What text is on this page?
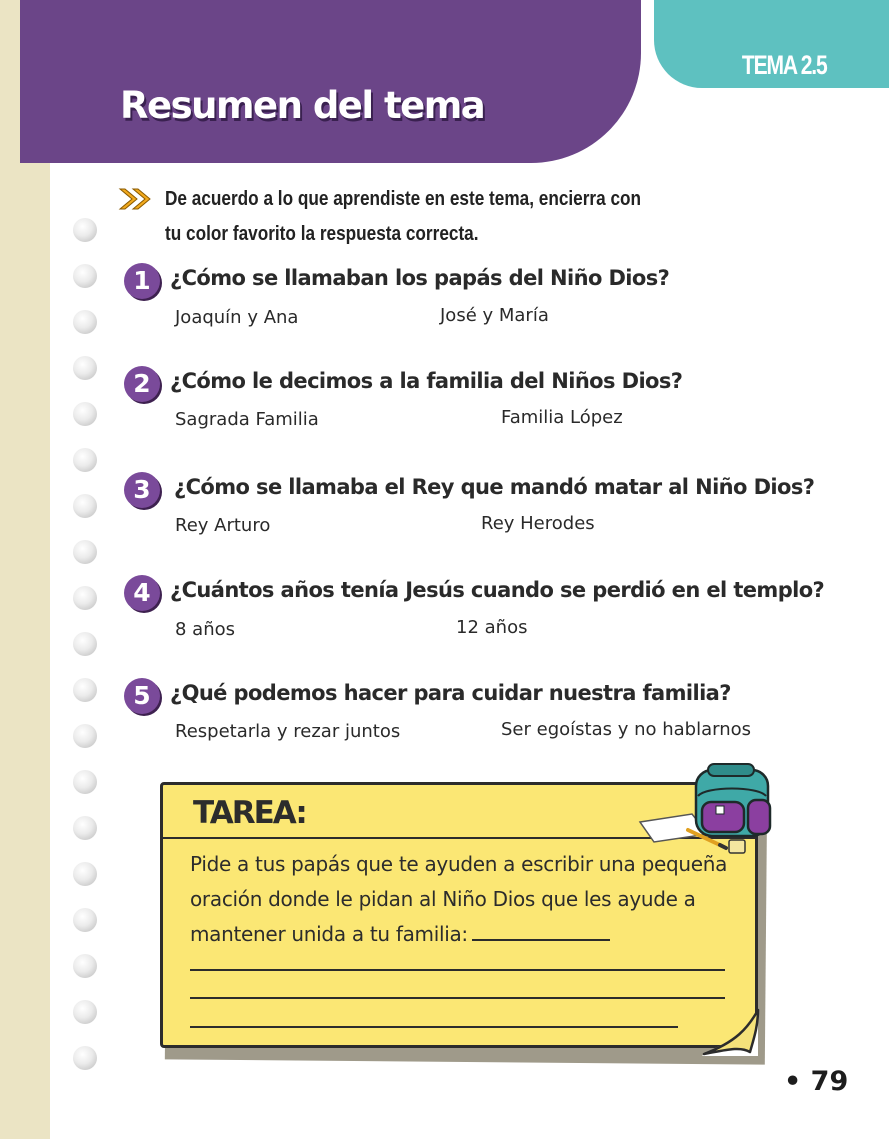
Resumen del tema
TEMA 2.5
De acuerdo a lo que aprendiste en este tema, encierra con tu color favorito la respuesta correcta.
1 ¿Cómo se llamaban los papás del Niño Dios?
Joaquín y Ana	José y María
2 ¿Cómo le decimos a la familia del Niños Dios?
Sagrada Familia	Familia López
3	¿Cómo se llamaba el Rey que mandó matar al Niño Dios?
Rey Arturo	Rey Herodes
4 ¿Cuántos años tenía Jesús cuando se perdió en el templo?
8 años	12 años
5 ¿Qué podemos hacer para cuidar nuestra familia?
Respetarla y rezar juntos	Ser egoístas y no hablarnos
TAREA:
Pide a tus papás que te ayuden a escribir una pequeña oración donde le pidan al Niño Dios que les ayude a mantener unida a tu familia:
• 79
